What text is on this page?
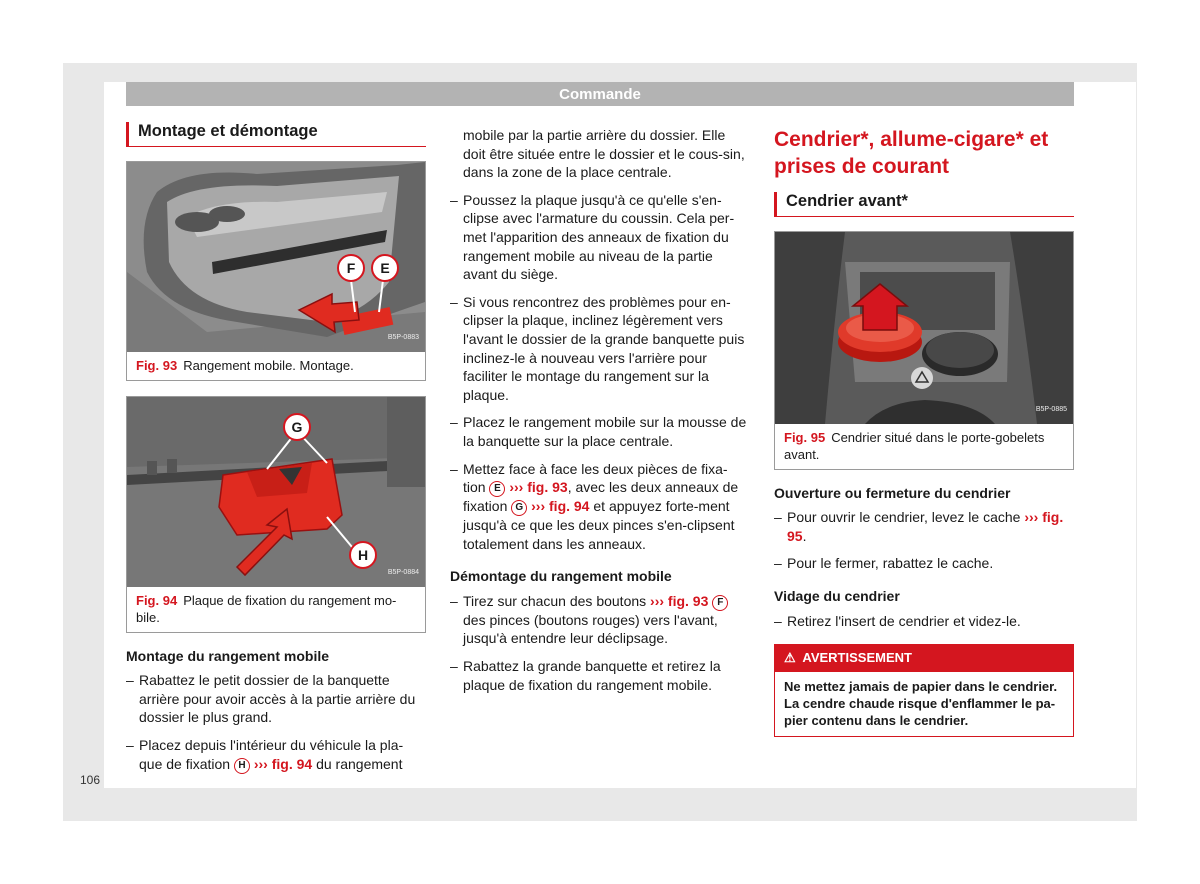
Commande
Montage et démontage
F E
B5P-0883
Fig. 93 Rangement mobile. Montage.
G
H
B5P-0884
Fig. 94 Plaque de fixation du rangement mo-bile.
Montage du rangement mobile
– Rabattez le petit dossier de la banquette arrière pour avoir accès à la partie arrière du dossier le plus grand.
– Placez depuis l'intérieur du véhicule la pla-que de fixation H ››› fig. 94 du rangement
106
mobile par la partie arrière du dossier. Elle doit être située entre le dossier et le cous-sin, dans la zone de la place centrale.
– Poussez la plaque jusqu'à ce qu'elle s'en-clipse avec l'armature du coussin. Cela per-met l'apparition des anneaux de fixation du rangement mobile au niveau de la partie avant du siège.
– Si vous rencontrez des problèmes pour en-clipser la plaque, inclinez légèrement vers l'avant le dossier de la grande banquette puis inclinez-le à nouveau vers l'arrière pour faciliter le montage du rangement sur la plaque.
– Placez le rangement mobile sur la mousse de la banquette sur la place centrale.
– Mettez face à face les deux pièces de fixa-tion E ››› fig. 93, avec les deux anneaux de fixation G ››› fig. 94 et appuyez forte-ment jusqu'à ce que les deux pinces s'en-clipsent totalement dans les anneaux.
Démontage du rangement mobile
– Tirez sur chacun des boutons ››› fig. 93 F des pinces (boutons rouges) vers l'avant, jusqu'à entendre leur déclipsage.
– Rabattez la grande banquette et retirez la plaque de fixation du rangement mobile.
Cendrier*, allume-cigare* et prises de courant
Cendrier avant*
B5P-0885
Fig. 95 Cendrier situé dans le porte-gobelets avant.
Ouverture ou fermeture du cendrier
– Pour ouvrir le cendrier, levez le cache ››› fig. 95.
– Pour le fermer, rabattez le cache.
Vidage du cendrier
– Retirez l'insert de cendrier et videz-le.
⚠ AVERTISSEMENT
Ne mettez jamais de papier dans le cendrier. La cendre chaude risque d'enflammer le pa-pier contenu dans le cendrier.
